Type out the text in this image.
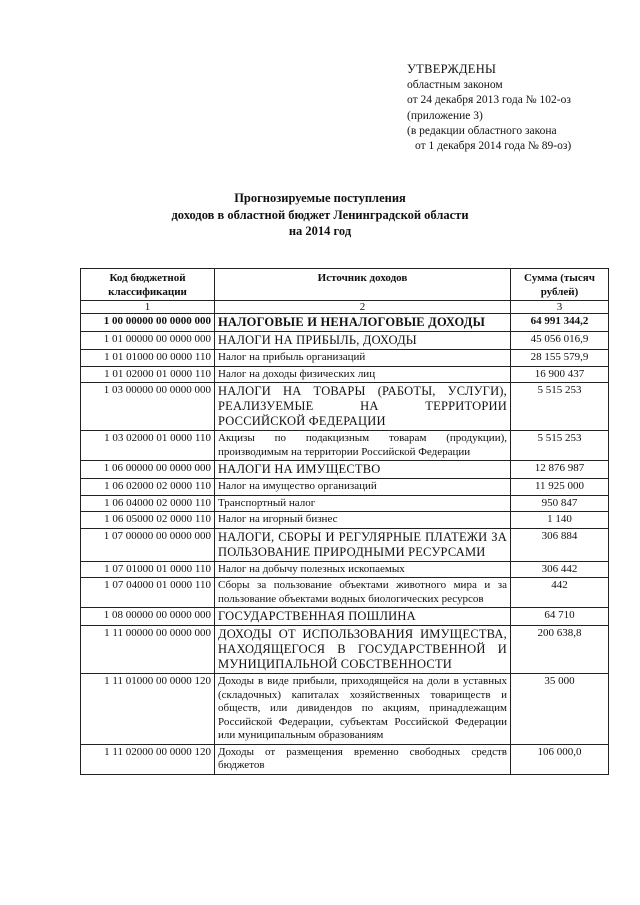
УТВЕРЖДЕНЫ
областным законом
от 24 декабря 2013 года № 102-оз
(приложение 3)
(в редакции областного закона
от 1 декабря 2014 года № 89-оз)
Прогнозируемые поступления
доходов в областной бюджет Ленинградской области
на 2014 год
Код бюджетной классификации	Источник доходов	Сумма (тысяч рублей)
1	2	3
1 00 00000 00 0000 000	НАЛОГОВЫЕ И НЕНАЛОГОВЫЕ ДОХОДЫ	64 991 344,2
1 01 00000 00 0000 000	НАЛОГИ НА ПРИБЫЛЬ, ДОХОДЫ	45 056 016,9
1 01 01000 00 0000 110	Налог на прибыль организаций	28 155 579,9
1 01 02000 01 0000 110	Налог на доходы физических лиц	16 900 437
1 03 00000 00 0000 000	НАЛОГИ НА ТОВАРЫ (РАБОТЫ, УСЛУГИ), РЕАЛИЗУЕМЫЕ НА ТЕРРИТОРИИ РОССИЙСКОЙ ФЕДЕРАЦИИ	5 515 253
1 03 02000 01 0000 110	Акцизы по подакцизным товарам (продукции), производимым на территории Российской Федерации	5 515 253
1 06 00000 00 0000 000	НАЛОГИ НА ИМУЩЕСТВО	12 876 987
1 06 02000 02 0000 110	Налог на имущество организаций	11 925 000
1 06 04000 02 0000 110	Транспортный налог	950 847
1 06 05000 02 0000 110	Налог на игорный бизнес	1 140
1 07 00000 00 0000 000	НАЛОГИ, СБОРЫ И РЕГУЛЯРНЫЕ ПЛАТЕЖИ ЗА ПОЛЬЗОВАНИЕ ПРИРОДНЫМИ РЕСУРСАМИ	306 884
1 07 01000 01 0000 110	Налог на добычу полезных ископаемых	306 442
1 07 04000 01 0000 110	Сборы за пользование объектами животного мира и за пользование объектами водных биологических ресурсов	442
1 08 00000 00 0000 000	ГОСУДАРСТВЕННАЯ ПОШЛИНА	64 710
1 11 00000 00 0000 000	ДОХОДЫ ОТ ИСПОЛЬЗОВАНИЯ ИМУЩЕСТВА, НАХОДЯЩЕГОСЯ В ГОСУДАРСТВЕННОЙ И МУНИЦИПАЛЬНОЙ СОБСТВЕННОСТИ	200 638,8
1 11 01000 00 0000 120	Доходы в виде прибыли, приходящейся на доли в уставных (складочных) капиталах хозяйственных товариществ и обществ, или дивидендов по акциям, принадлежащим Российской Федерации, субъектам Российской Федерации или муниципальным образованиям	35 000
1 11 02000 00 0000 120	Доходы от размещения временно свободных средств бюджетов	106 000,0
